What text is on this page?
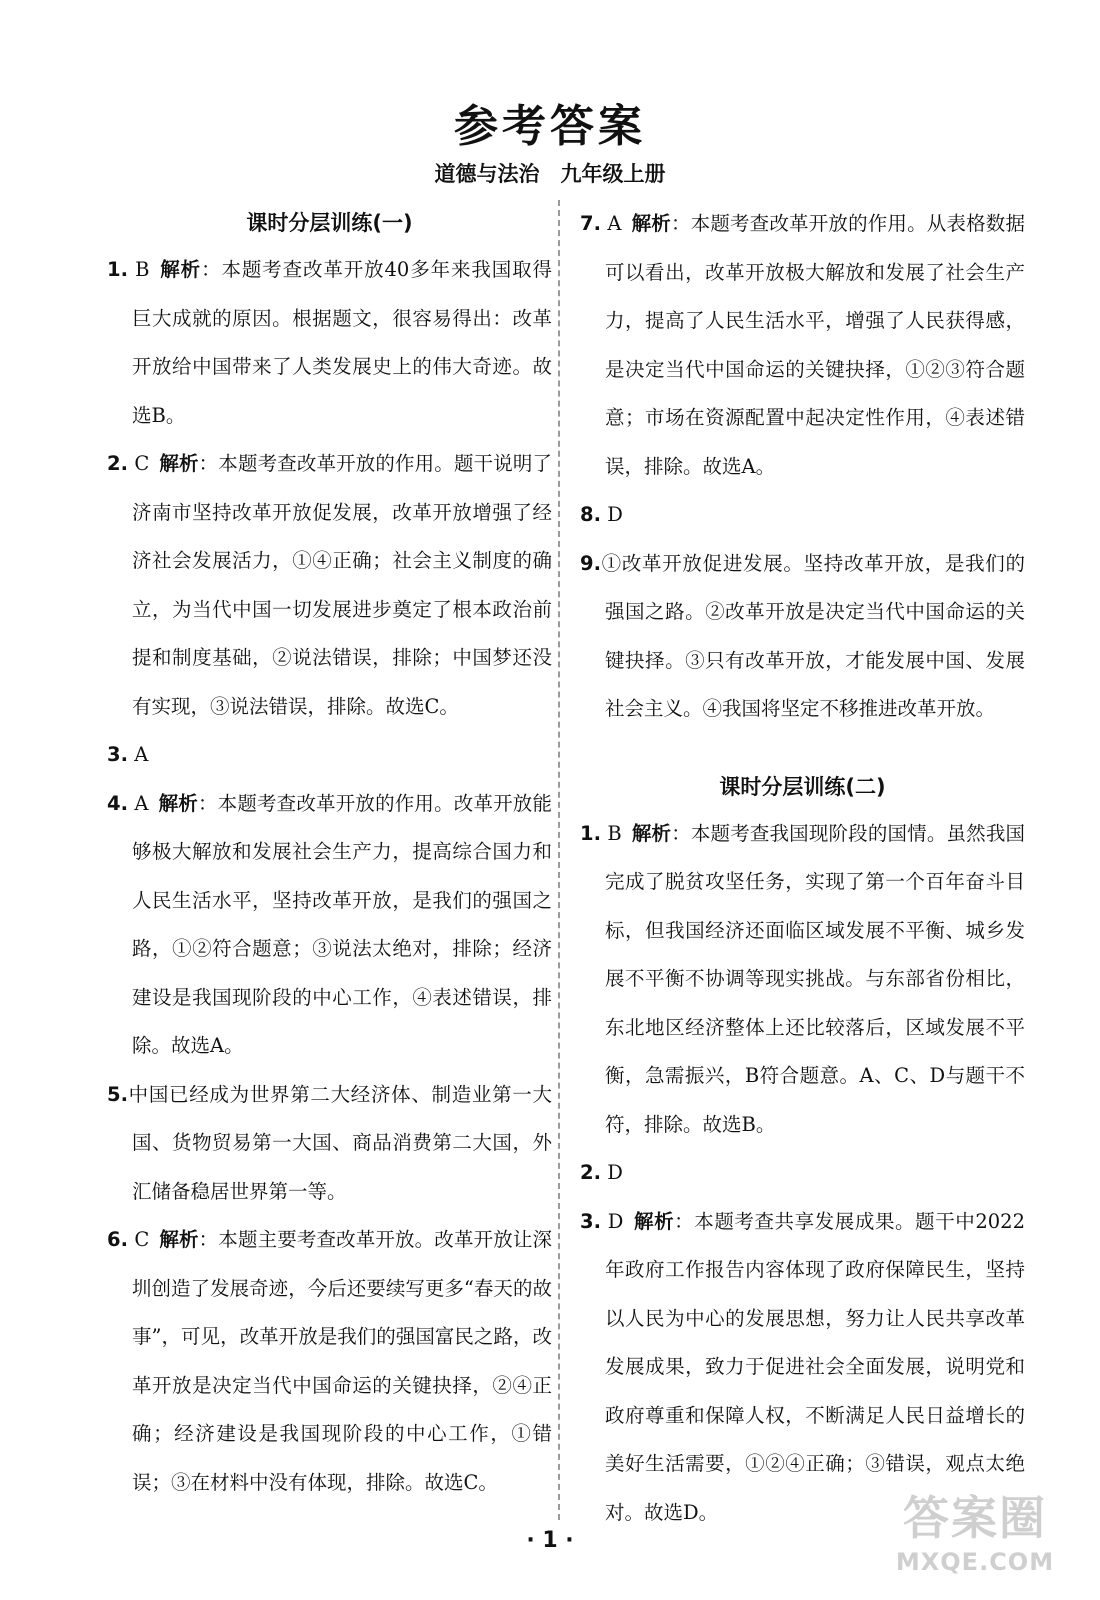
参考答案
道德与法治　九年级上册
课时分层训练(一)

1. B 解析：本题考查改革开放40多年来我国取得巨大成就的原因。根据题文，很容易得出：改革开放给中国带来了人类发展史上的伟大奇迹。故选B。

2. C 解析：本题考查改革开放的作用。题干说明了济南市坚持改革开放促发展，改革开放增强了经济社会发展活力，①④正确；社会主义制度的确立，为当代中国一切发展进步奠定了根本政治前提和制度基础，②说法错误，排除；中国梦还没有实现，③说法错误，排除。故选C。

3. A

4. A 解析：本题考查改革开放的作用。改革开放能够极大解放和发展社会生产力，提高综合国力和人民生活水平，坚持改革开放，是我们的强国之路，①②符合题意；③说法太绝对，排除；经济建设是我国现阶段的中心工作，④表述错误，排除。故选A。

5.中国已经成为世界第二大经济体、制造业第一大国、货物贸易第一大国、商品消费第二大国，外汇储备稳居世界第一等。

6. C 解析：本题主要考查改革开放。改革开放让深圳创造了发展奇迹，今后还要续写更多“春天的故事”，可见，改革开放是我们的强国富民之路，改革开放是决定当代中国命运的关键抉择，②④正确；经济建设是我国现阶段的中心工作，①错误；③在材料中没有体现，排除。故选C。

7. A 解析：本题考查改革开放的作用。从表格数据可以看出，改革开放极大解放和发展了社会生产力，提高了人民生活水平，增强了人民获得感，是决定当代中国命运的关键抉择，①②③符合题意；市场在资源配置中起决定性作用，④表述错误，排除。故选A。

8. D

9.①改革开放促进发展。坚持改革开放，是我们的强国之路。②改革开放是决定当代中国命运的关键抉择。③只有改革开放，才能发展中国、发展社会主义。④我国将坚定不移推进改革开放。

课时分层训练(二)

1. B 解析：本题考查我国现阶段的国情。虽然我国完成了脱贫攻坚任务，实现了第一个百年奋斗目标，但我国经济还面临区域发展不平衡、城乡发展不平衡不协调等现实挑战。与东部省份相比，东北地区经济整体上还比较落后，区域发展不平衡，急需振兴，B符合题意。A、C、D与题干不符，排除。故选B。

2. D

3. D 解析：本题考查共享发展成果。题干中2022年政府工作报告内容体现了政府保障民生，坚持以人民为中心的发展思想，努力让人民共享改革发展成果，致力于促进社会全面发展，说明党和政府尊重和保障人权，不断满足人民日益增长的美好生活需要，①②④正确；③错误，观点太绝对。故选D。

· 1 ·	答案圈
MXQE.COM
